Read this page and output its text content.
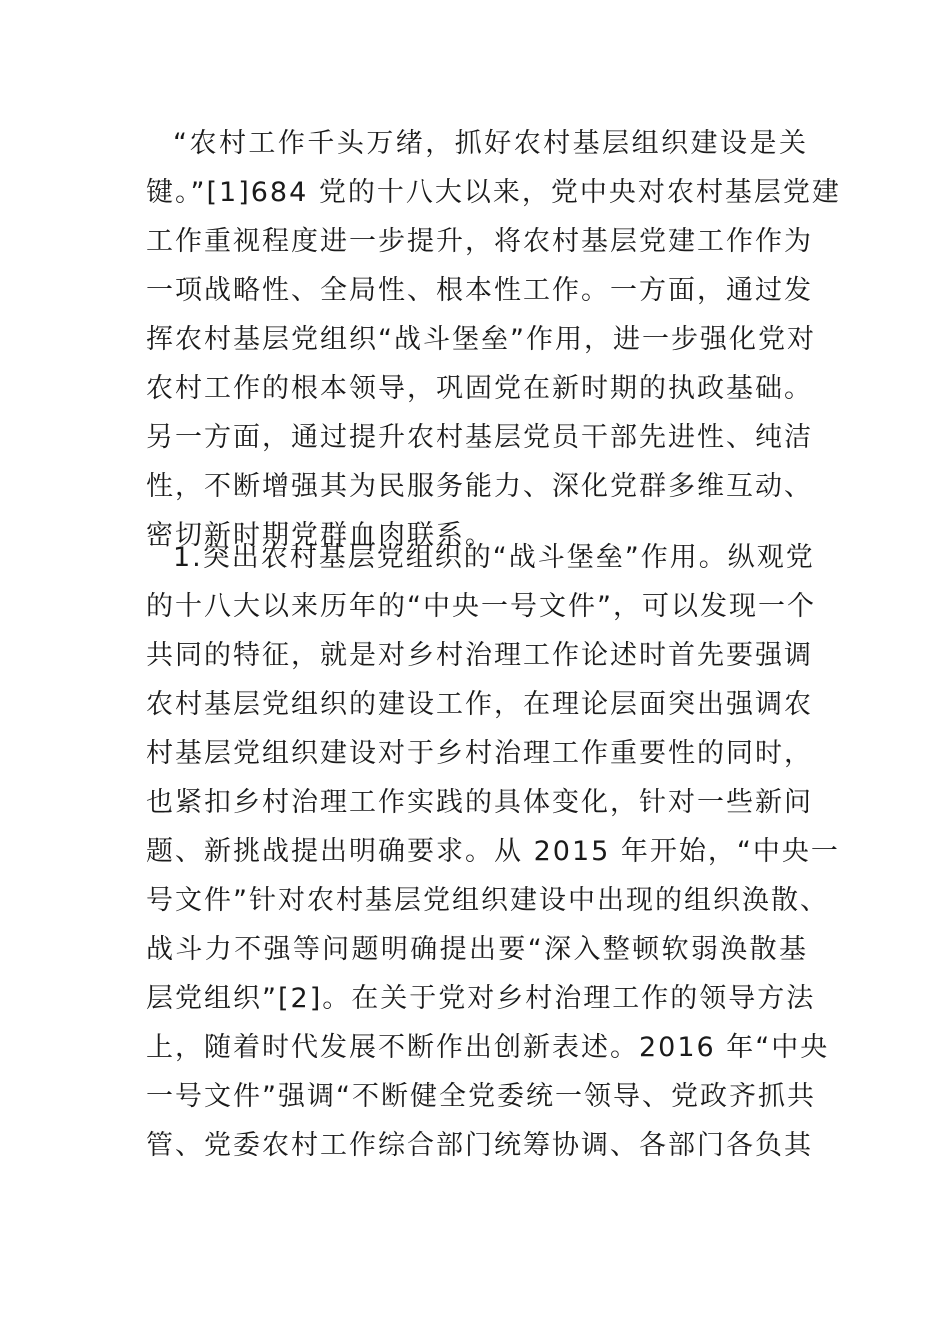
“农村工作千头万绪，抓好农村基层组织建设是关
键。”[1]684 党的十八大以来，党中央对农村基层党建
工作重视程度进一步提升，将农村基层党建工作作为
一项战略性、全局性、根本性工作。一方面，通过发
挥农村基层党组织“战斗堡垒”作用，进一步强化党对
农村工作的根本领导，巩固党在新时期的执政基础。
另一方面，通过提升农村基层党员干部先进性、纯洁
性，不断增强其为民服务能力、深化党群多维互动、
密切新时期党群血肉联系。
1.突出农村基层党组织的“战斗堡垒”作用。纵观党
的十八大以来历年的“中央一号文件”，可以发现一个
共同的特征，就是对乡村治理工作论述时首先要强调
农村基层党组织的建设工作，在理论层面突出强调农
村基层党组织建设对于乡村治理工作重要性的同时，
也紧扣乡村治理工作实践的具体变化，针对一些新问
题、新挑战提出明确要求。从 2015 年开始，“中央一
号文件”针对农村基层党组织建设中出现的组织涣散、
战斗力不强等问题明确提出要“深入整顿软弱涣散基
层党组织”[2]。在关于党对乡村治理工作的领导方法
上，随着时代发展不断作出创新表述。2016 年“中央
一号文件”强调“不断健全党委统一领导、党政齐抓共
管、党委农村工作综合部门统筹协调、各部门各负其
